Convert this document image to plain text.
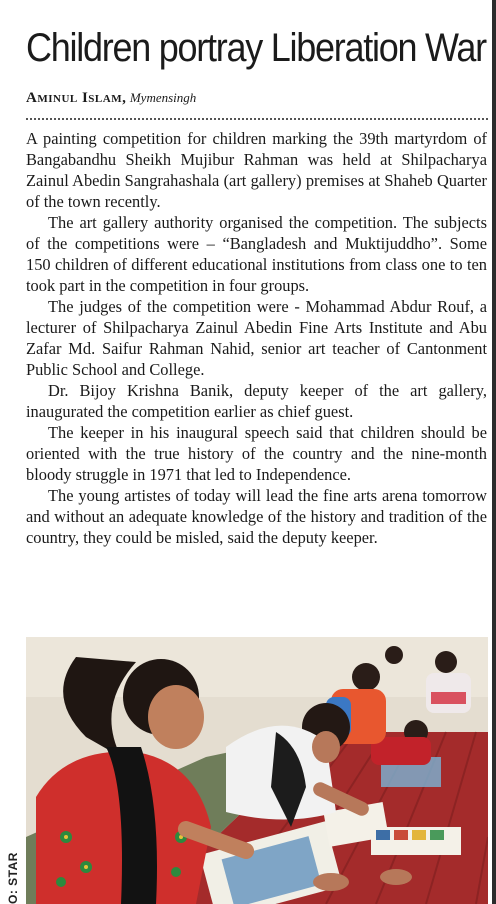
Children portray Liberation War
Aminul Islam, Mymensingh

A painting competition for children marking the 39th martyrdom of Bangabandhu Sheikh Mujibur Rahman was held at Shilpacharya Zainul Abedin Sangrahashala (art gallery) premises at Shaheb Quarter of the town recently.

The art gallery authority organised the competition. The subjects of the competitions were – “Bangladesh and Muktijuddho”. Some 150 children of different educational institutions from class one to ten took part in the competition in four groups.

The judges of the competition were - Mohammad Abdur Rouf, a lecturer of Shilpacharya Zainul Abedin Fine Arts Institute and Abu Zafar Md. Saifur Rahman Nahid, senior art teacher of Cantonment Public School and College.

Dr. Bijoy Krishna Banik, deputy keeper of the art gallery, inaugurated the competition earlier as chief guest.

The keeper in his inaugural speech said that children should be oriented with the true history of the country and the nine-month bloody struggle in 1971 that led to Independence.

The young artistes of today will lead the fine arts arena tomorrow and without an adequate knowledge of the history and tradition of the country, they could be misled, said the deputy keeper.

O: STAR
